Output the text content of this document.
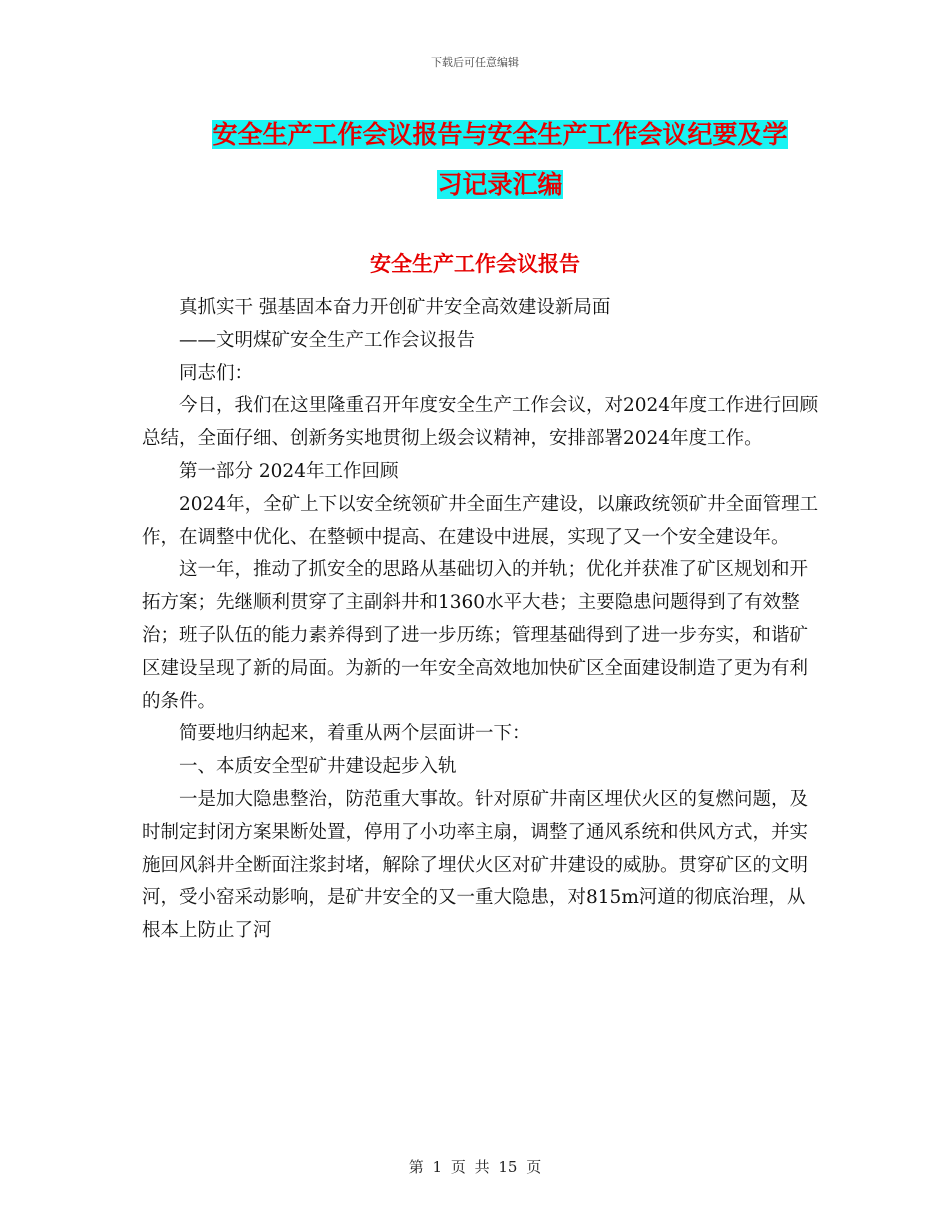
下载后可任意编辑
安全生产工作会议报告与安全生产工作会议纪要及学
习记录汇编
安全生产工作会议报告

真抓实干 强基固本奋力开创矿井安全高效建设新局面

——文明煤矿安全生产工作会议报告

同志们：

今日，我们在这里隆重召开年度安全生产工作会议，对2024年度工作进行回顾总结，全面仔细、创新务实地贯彻上级会议精神，安排部署2024年度工作。

第一部分 2024年工作回顾

2024年，全矿上下以安全统领矿井全面生产建设，以廉政统领矿井全面管理工作，在调整中优化、在整顿中提高、在建设中进展，实现了又一个安全建设年。

这一年，推动了抓安全的思路从基础切入的并轨；优化并获准了矿区规划和开拓方案；先继顺利贯穿了主副斜井和1360水平大巷；主要隐患问题得到了有效整治；班子队伍的能力素养得到了进一步历练；管理基础得到了进一步夯实，和谐矿区建设呈现了新的局面。为新的一年安全高效地加快矿区全面建设制造了更为有利的条件。

简要地归纳起来，着重从两个层面讲一下：

一、本质安全型矿井建设起步入轨

一是加大隐患整治，防范重大事故。针对原矿井南区埋伏火区的复燃问题，及时制定封闭方案果断处置，停用了小功率主扇，调整了通风系统和供风方式，并实施回风斜井全断面注浆封堵，解除了埋伏火区对矿井建设的威胁。贯穿矿区的文明河，受小窑采动影响，是矿井安全的又一重大隐患，对815m河道的彻底治理，从根本上防止了河

第 1 页 共 15 页
